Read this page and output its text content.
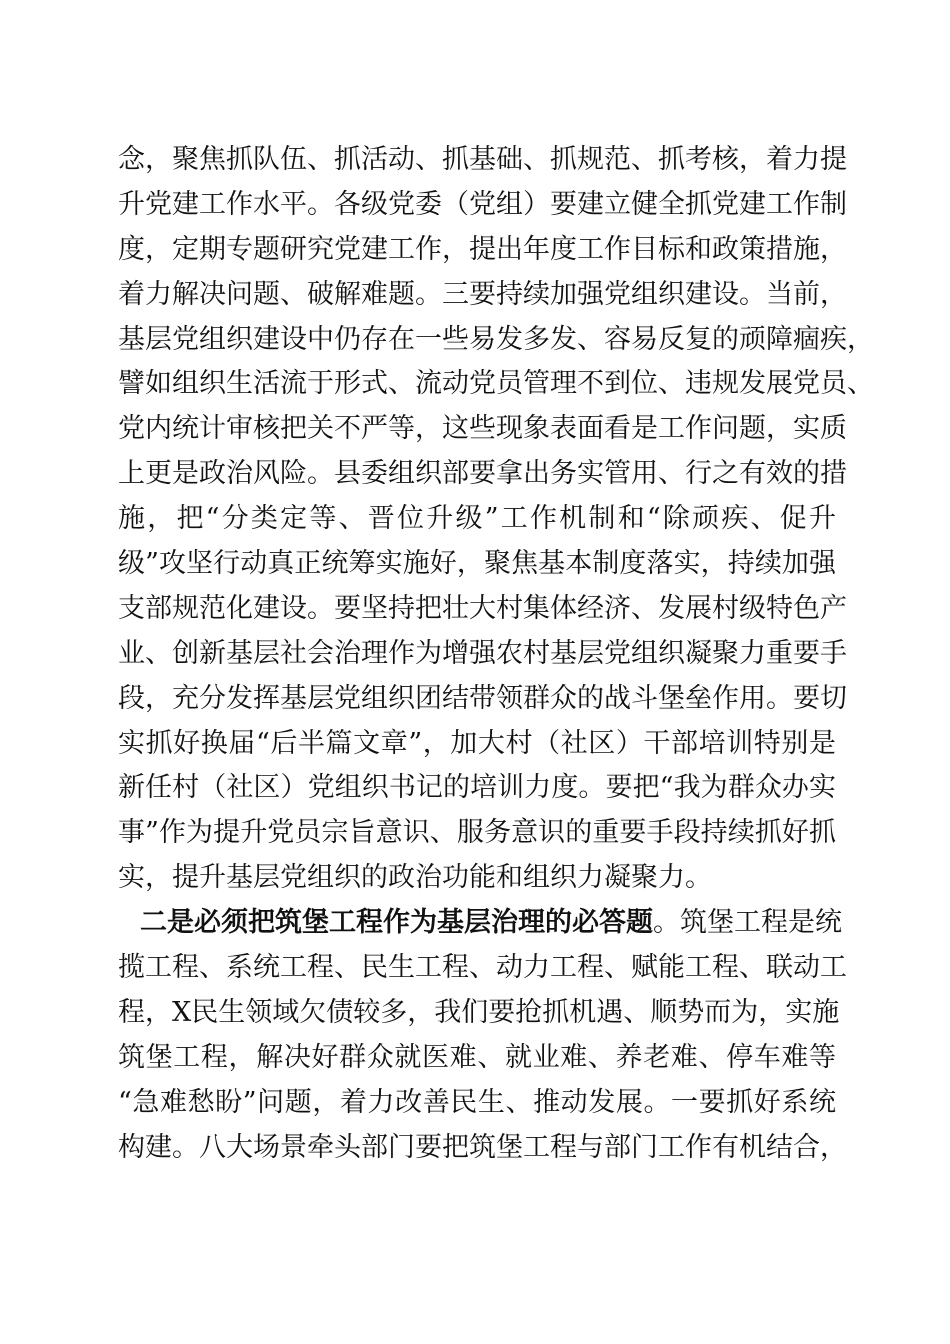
念，聚焦抓队伍、抓活动、抓基础、抓规范、抓考核，着力提
升党建工作水平。各级党委（党组）要建立健全抓党建工作制
度，定期专题研究党建工作，提出年度工作目标和政策措施，
着力解决问题、破解难题。三要持续加强党组织建设。当前，
基层党组织建设中仍存在一些易发多发、容易反复的顽障痼疾，
譬如组织生活流于形式、流动党员管理不到位、违规发展党员、
党内统计审核把关不严等，这些现象表面看是工作问题，实质
上更是政治风险。县委组织部要拿出务实管用、行之有效的措
施，把“分类定等、晋位升级”工作机制和“除顽疾、促升
级”攻坚行动真正统筹实施好，聚焦基本制度落实，持续加强
支部规范化建设。要坚持把壮大村集体经济、发展村级特色产
业、创新基层社会治理作为增强农村基层党组织凝聚力重要手
段，充分发挥基层党组织团结带领群众的战斗堡垒作用。要切
实抓好换届“后半篇文章”，加大村（社区）干部培训特别是
新任村（社区）党组织书记的培训力度。要把“我为群众办实
事”作为提升党员宗旨意识、服务意识的重要手段持续抓好抓
实，提升基层党组织的政治功能和组织力凝聚力。
二是必须把筑堡工程作为基层治理的必答题。筑堡工程是统
揽工程、系统工程、民生工程、动力工程、赋能工程、联动工
程，X民生领域欠债较多，我们要抢抓机遇、顺势而为，实施
筑堡工程，解决好群众就医难、就业难、养老难、停车难等
“急难愁盼”问题，着力改善民生、推动发展。一要抓好系统
构建。八大场景牵头部门要把筑堡工程与部门工作有机结合，
